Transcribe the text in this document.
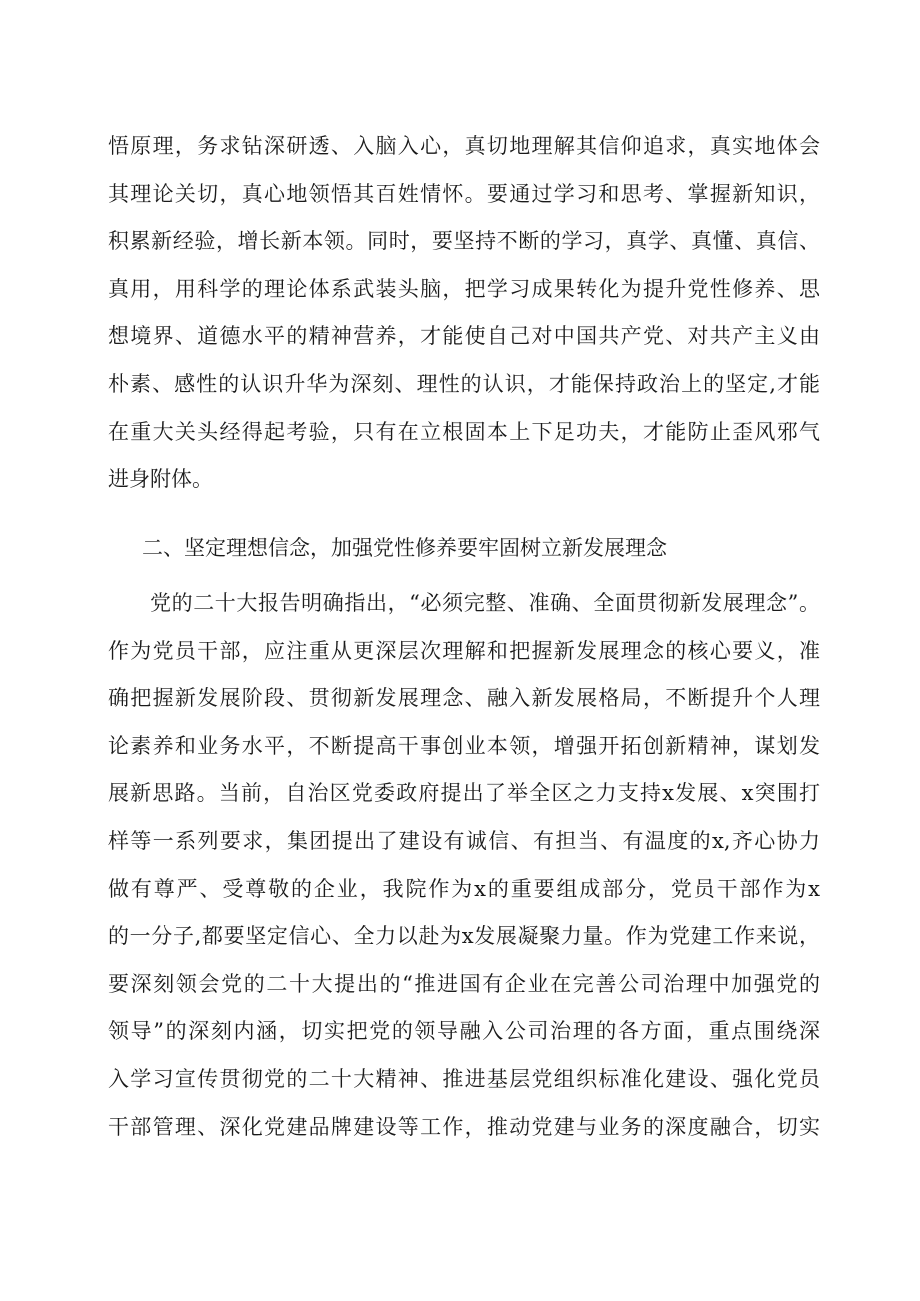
悟原理，务求钻深研透、入脑入心，真切地理解其信仰追求，真实地体会
其理论关切，真心地领悟其百姓情怀。要通过学习和思考、掌握新知识，
积累新经验，增长新本领。同时，要坚持不断的学习，真学、真懂、真信、
真用，用科学的理论体系武装头脑，把学习成果转化为提升党性修养、思
想境界、道德水平的精神营养，才能使自己对中国共产党、对共产主义由
朴素、感性的认识升华为深刻、理性的认识，才能保持政治上的坚定,才能
在重大关头经得起考验，只有在立根固本上下足功夫，才能防止歪风邪气
进身附体。
二、坚定理想信念，加强党性修养要牢固树立新发展理念
党的二十大报告明确指出，“必须完整、准确、全面贯彻新发展理念”。
作为党员干部，应注重从更深层次理解和把握新发展理念的核心要义，准
确把握新发展阶段、贯彻新发展理念、融入新发展格局，不断提升个人理
论素养和业务水平，不断提高干事创业本领，增强开拓创新精神，谋划发
展新思路。当前，自治区党委政府提出了举全区之力支持x发展、x突围打
样等一系列要求，集团提出了建设有诚信、有担当、有温度的x,齐心协力
做有尊严、受尊敬的企业，我院作为x的重要组成部分，党员干部作为x
的一分子,都要坚定信心、全力以赴为x发展凝聚力量。作为党建工作来说，
要深刻领会党的二十大提出的“推进国有企业在完善公司治理中加强党的
领导”的深刻内涵，切实把党的领导融入公司治理的各方面，重点围绕深
入学习宣传贯彻党的二十大精神、推进基层党组织标准化建设、强化党员
干部管理、深化党建品牌建设等工作，推动党建与业务的深度融合，切实
